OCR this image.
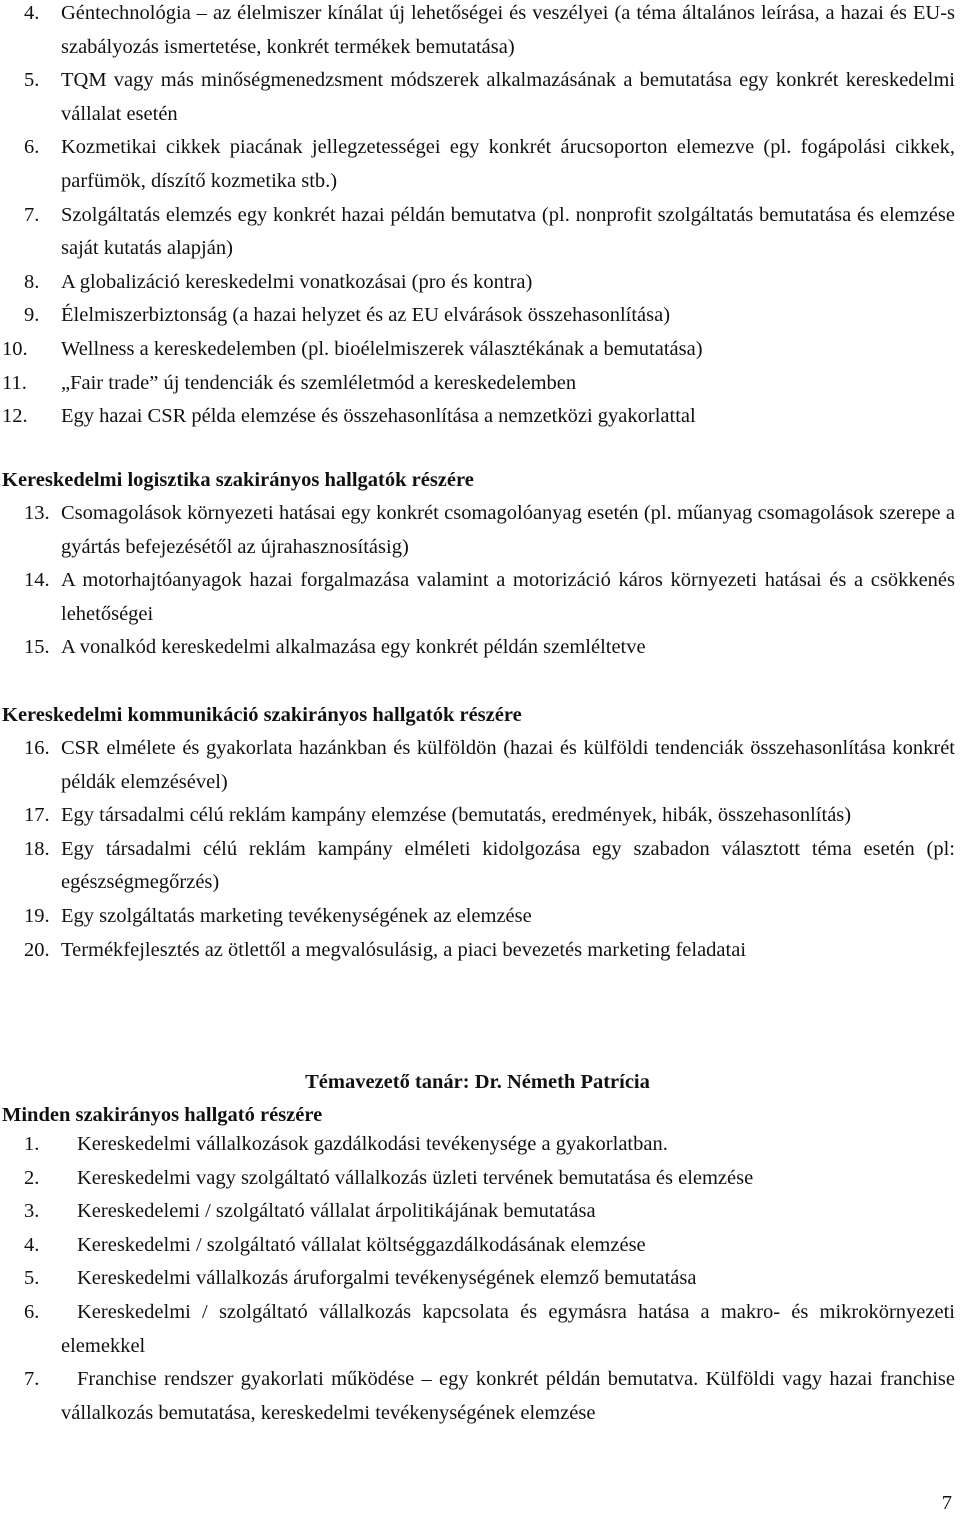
4. Géntechnológia – az élelmiszer kínálat új lehetőségei és veszélyei (a téma általános leírása, a hazai és EU-s szabályozás ismertetése, konkrét termékek bemutatása)
5. TQM vagy más minőségmenedzsment módszerek alkalmazásának a bemutatása egy konkrét kereskedelmi vállalat esetén
6. Kozmetikai cikkek piacának jellegzetességei egy konkrét árucsoporton elemezve (pl. fogápolási cikkek, parfümök, díszítő kozmetika stb.)
7. Szolgáltatás elemzés egy konkrét hazai példán bemutatva (pl. nonprofit szolgáltatás bemutatása és elemzése saját kutatás alapján)
8. A globalizáció kereskedelmi vonatkozásai (pro és kontra)
9. Élelmiszerbiztonság (a hazai helyzet és az EU elvárások összehasonlítása)
10. Wellness a kereskedelemben (pl. bioélelmiszerek választékának a bemutatása)
11. „Fair trade” új tendenciák és szemléletmód a kereskedelemben
12. Egy hazai CSR példa elemzése és összehasonlítása a nemzetközi gyakorlattal
Kereskedelmi logisztika szakirányos hallgatók részére
13. Csomagolások környezeti hatásai egy konkrét csomagolóanyag esetén (pl. műanyag csomagolások szerepe a gyártás befejezésétől az újrahasznosításig)
14. A motorhajtóanyagok hazai forgalmazása valamint a motorizáció káros környezeti hatásai és a csökkenés lehetőségei
15. A vonalkód kereskedelmi alkalmazása egy konkrét példán szemléltetve
Kereskedelmi kommunikáció szakirányos hallgatók részére
16. CSR elmélete és gyakorlata hazánkban és külföldön (hazai és külföldi tendenciák összehasonlítása konkrét példák elemzésével)
17. Egy társadalmi célú reklám kampány elemzése (bemutatás, eredmények, hibák, összehasonlítás)
18. Egy társadalmi célú reklám kampány elméleti kidolgozása egy szabadon választott téma esetén (pl: egészségmegőrzés)
19. Egy szolgáltatás marketing tevékenységének az elemzése
20. Termékfejlesztés az ötlettől a megvalósulásig, a piaci bevezetés marketing feladatai
Témavezető tanár: Dr. Németh Patrícia
Minden szakirányos hallgató részére
1.	Kereskedelmi vállalkozások gazdálkodási tevékenysége a gyakorlatban.
2.	Kereskedelmi vagy szolgáltató vállalkozás üzleti tervének bemutatása és elemzése
3.	Kereskedelemi / szolgáltató vállalat árpolitikájának bemutatása
4.	Kereskedelmi / szolgáltató vállalat költséggazdálkodásának elemzése
5.	Kereskedelmi vállalkozás áruforgalmi tevékenységének elemző bemutatása
6.	Kereskedelmi / szolgáltató vállalkozás kapcsolata és egymásra hatása a makro- és mikrokörnyezeti elemekkel
7.	Franchise rendszer gyakorlati működése – egy konkrét példán bemutatva. Külföldi vagy hazai franchise vállalkozás bemutatása, kereskedelmi tevékenységének elemzése
7
